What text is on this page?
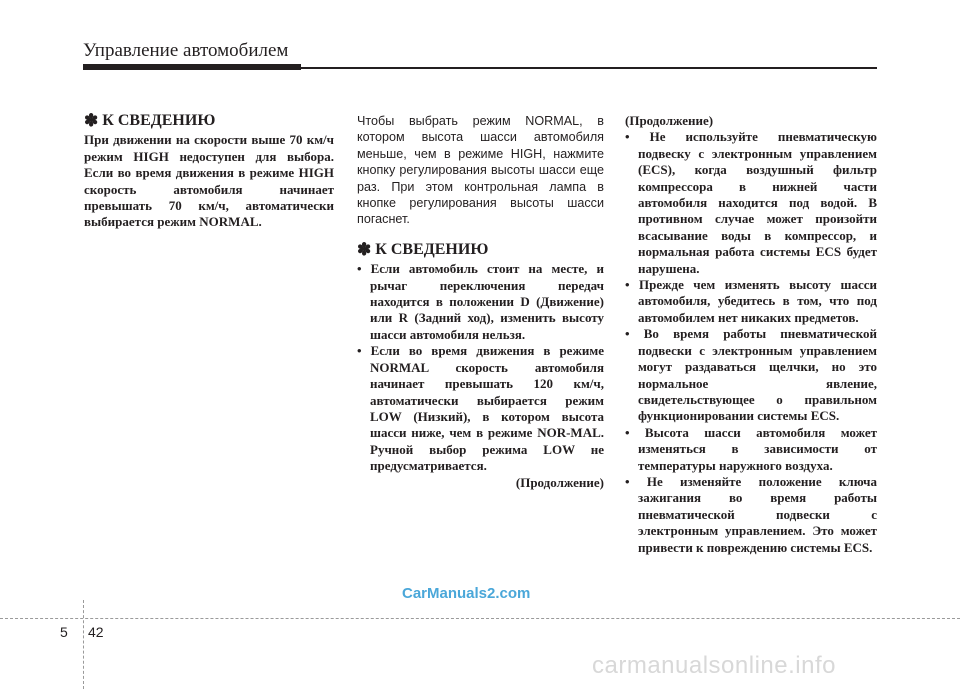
Управление автомобилем
✽ К СВЕДЕНИЮ

При движении на скорости выше 70 км/ч режим HIGH недоступен для выбора. Если во время движения в режиме HIGH скорость автомобиля начинает превышать 70 км/ч, автоматически выбирается режим NORMAL.

Чтобы выбрать режим NORMAL, в котором высота шасси автомобиля меньше, чем в режиме HIGH, нажмите кнопку регулирования высоты шасси еще раз. При этом контрольная лампа в кнопке регулирования высоты шасси погаснет.

✽ К СВЕДЕНИЮ

• Если автомобиль стоит на месте, и рычаг переключения передач находится в положении D (Движение) или R (Задний ход), изменить высоту шасси автомобиля нельзя.

• Если во время движения в режиме NORMAL скорость автомобиля начинает превышать 120 км/ч, автоматически выбирается режим LOW (Низкий), в котором высота шасси ниже, чем в режиме NOR-MAL. Ручной выбор режима LOW не предусматривается.

(Продолжение)

(Продолжение)

• Не используйте пневматическую подвеску с электронным управлением (ECS), когда воздушный фильтр компрессора в нижней части автомобиля находится под водой. В противном случае может произойти всасывание воды в компрессор, и нормальная работа системы ECS будет нарушена.

• Прежде чем изменять высоту шасси автомобиля, убедитесь в том, что под автомобилем нет никаких предметов.

• Во время работы пневматической подвески с электронным управлением могут раздаваться щелчки, но это нормальное явление, свидетельствующее о правильном функционировании системы ECS.

• Высота шасси автомобиля может изменяться в зависимости от температуры наружного воздуха.

• Не изменяйте положение ключа зажигания во время работы пневматической подвески с электронным управлением. Это может привести к повреждению системы ECS.

CarManuals2.com
5 42
carmanualsonline.info
